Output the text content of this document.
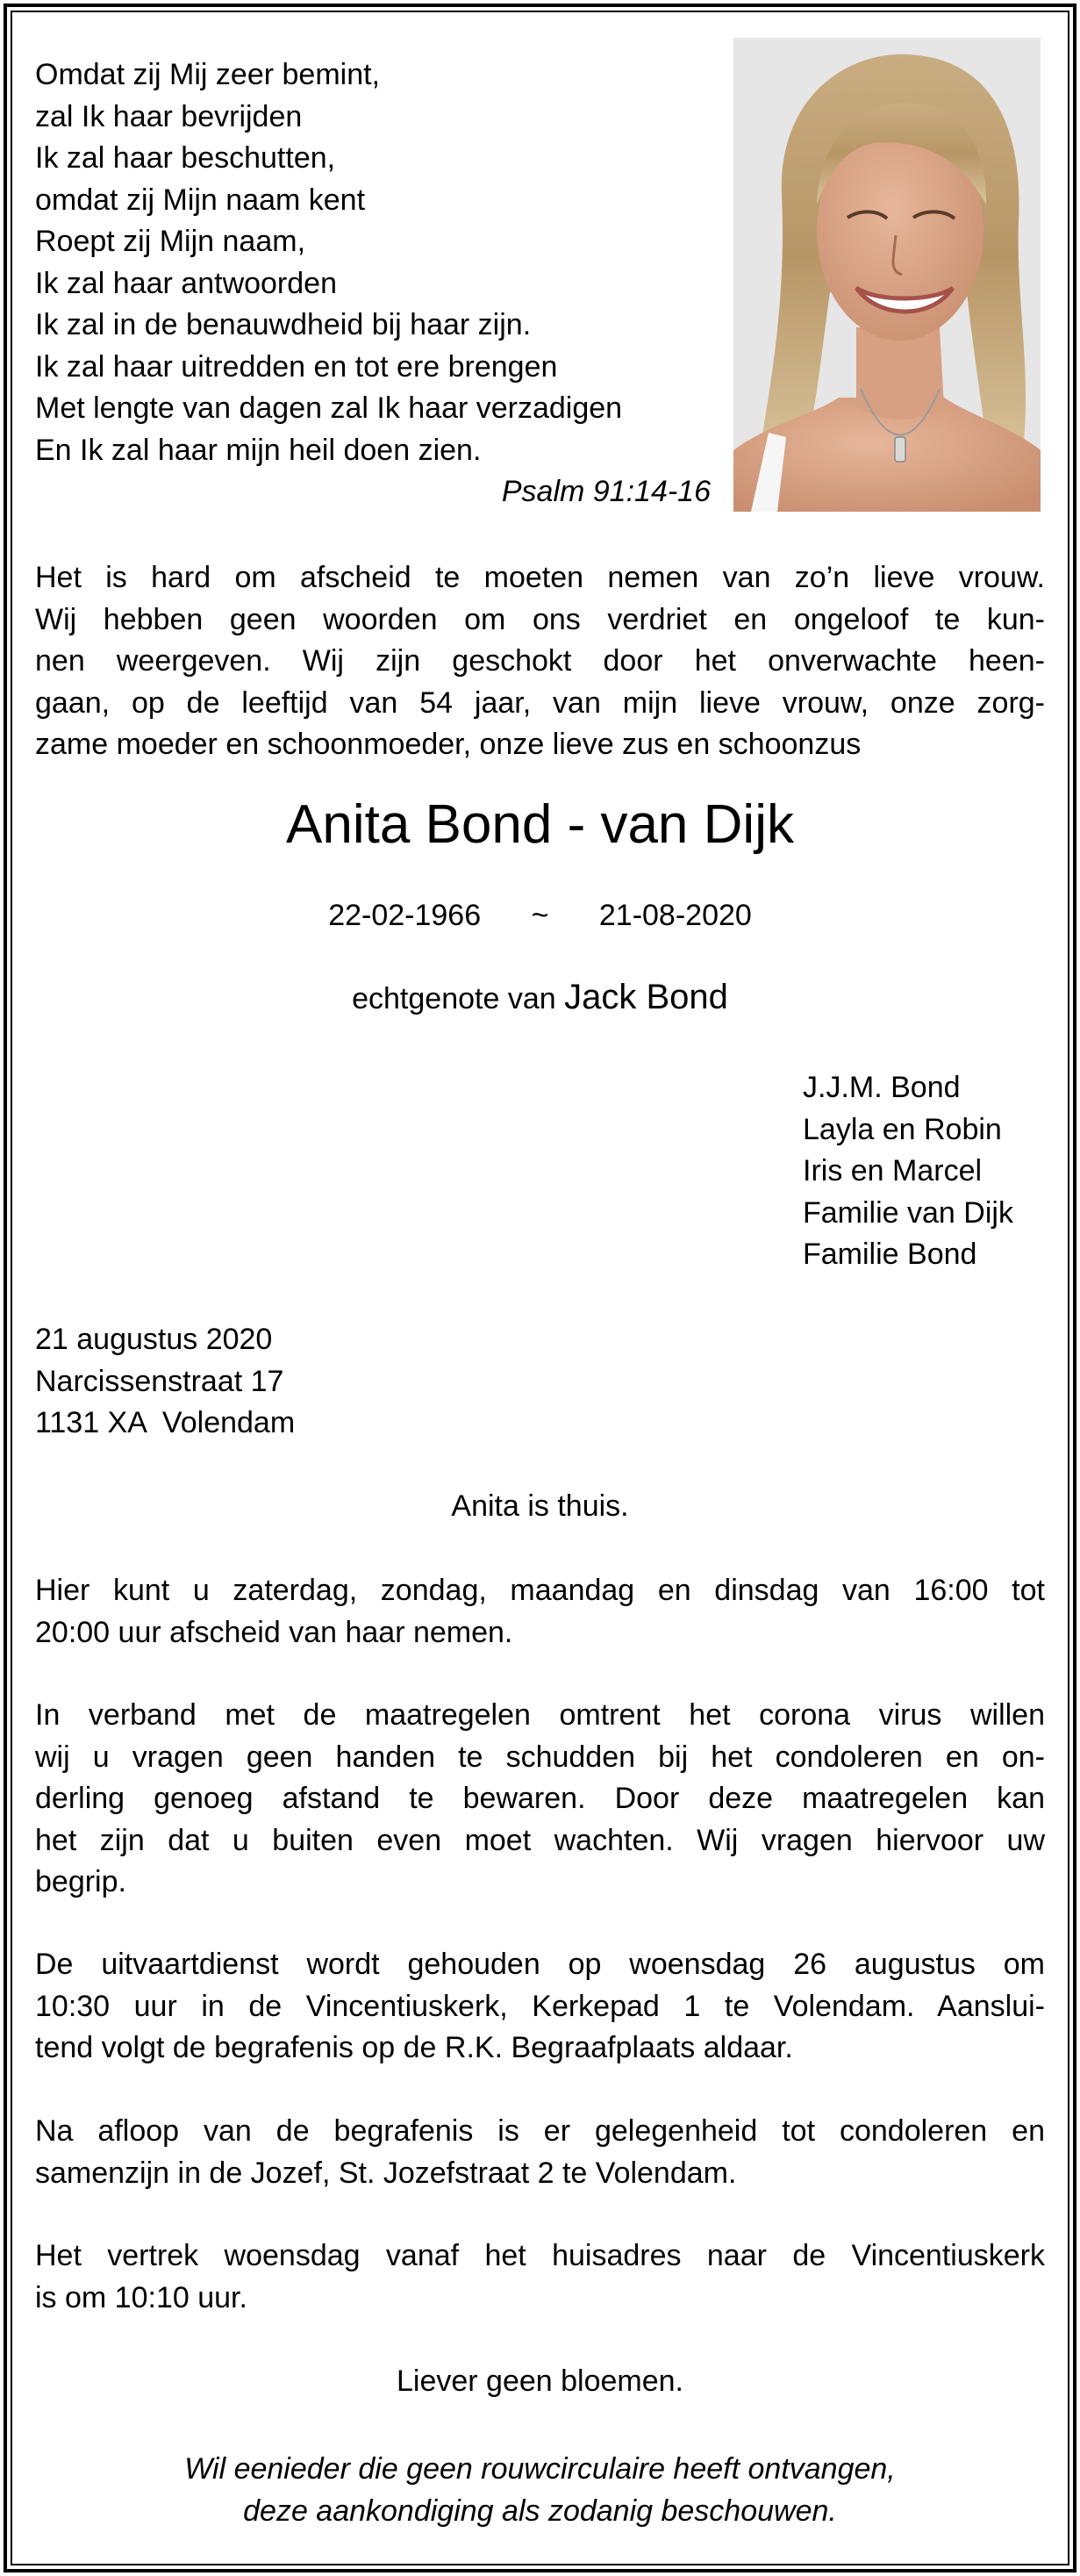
Omdat zij Mij zeer bemint,
zal Ik haar bevrijden
Ik zal haar beschutten,
omdat zij Mijn naam kent
Roept zij Mijn naam,
Ik zal haar antwoorden
Ik zal in de benauwdheid bij haar zijn.
Ik zal haar uitredden en tot ere brengen
Met lengte van dagen zal Ik haar verzadigen
En Ik zal haar mijn heil doen zien.
Psalm 91:14-16
Het is hard om afscheid te moeten nemen van zo’n lieve vrouw.
Wij hebben geen woorden om ons verdriet en ongeloof te kun-
nen weergeven. Wij zijn geschokt door het onverwachte heen-
gaan, op de leeftijd van 54 jaar, van mijn lieve vrouw, onze zorg-
zame moeder en schoonmoeder, onze lieve zus en schoonzus
Anita Bond - van Dijk
22-02-1966 ~ 21-08-2020
echtgenote van Jack Bond
J.J.M. Bond
Layla en Robin
Iris en Marcel
Familie van Dijk
Familie Bond
21 augustus 2020
Narcissenstraat 17
1131 XA  Volendam
Anita is thuis.
Hier kunt u zaterdag, zondag, maandag en dinsdag van 16:00 tot
20:00 uur afscheid van haar nemen.
In verband met de maatregelen omtrent het corona virus willen
wij u vragen geen handen te schudden bij het condoleren en on-
derling genoeg afstand te bewaren. Door deze maatregelen kan
het zijn dat u buiten even moet wachten. Wij vragen hiervoor uw
begrip.
De uitvaartdienst wordt gehouden op woensdag 26 augustus om
10:30 uur in de Vincentiuskerk, Kerkepad 1 te Volendam. Aanslui-
tend volgt de begrafenis op de R.K. Begraafplaats aldaar.
Na afloop van de begrafenis is er gelegenheid tot condoleren en
samenzijn in de Jozef, St. Jozefstraat 2 te Volendam.
Het vertrek woensdag vanaf het huisadres naar de Vincentiuskerk
is om 10:10 uur.
Liever geen bloemen.
Wil eenieder die geen rouwcirculaire heeft ontvangen,
deze aankondiging als zodanig beschouwen.
